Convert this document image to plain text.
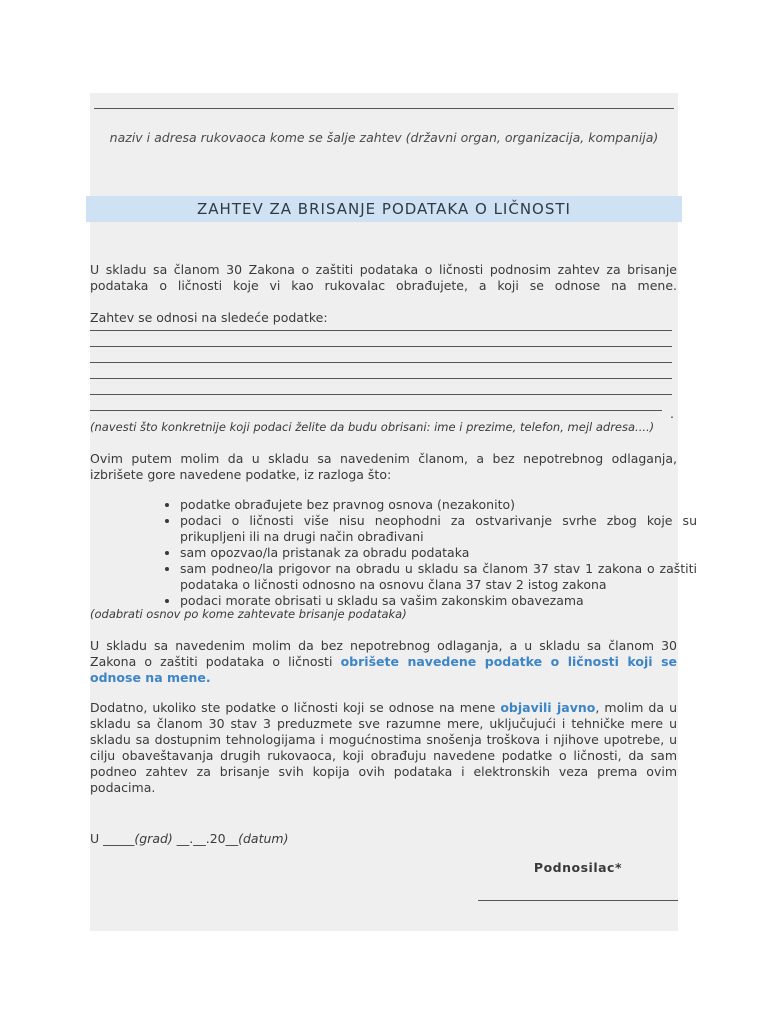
naziv i adresa rukovaoca kome se šalje zahtev (državni organ, organizacija, kompanija)

ZAHTEV ZA BRISANJE PODATAKA O LIČNOSTI

U skladu sa članom 30 Zakona o zaštiti podataka o ličnosti podnosim zahtev za brisanje podataka o ličnosti koje vi kao rukovalac obrađujete, a koji se odnose na mene.

Zahtev se odnosi na sledeće podatke:

.

(navesti što konkretnije koji podaci želite da budu obrisani: ime i prezime, telefon, mejl adresa....)

Ovim putem molim da u skladu sa navedenim članom, a bez nepotrebnog odlaganja, izbrišete gore navedene podatke, iz razloga što:

• podatke obrađujete bez pravnog osnova (nezakonito)
• podaci o ličnosti više nisu neophodni za ostvarivanje svrhe zbog koje su prikupljeni ili na drugi način obrađivani
• sam opozvao/la pristanak za obradu podataka
• sam podneo/la prigovor na obradu u skladu sa članom 37 stav 1 zakona o zaštiti podataka o ličnosti odnosno na osnovu člana 37 stav 2 istog zakona
• podaci morate obrisati u skladu sa vašim zakonskim obavezama

(odabrati osnov po kome zahtevate brisanje podataka)

U skladu sa navedenim molim da bez nepotrebnog odlaganja, a u skladu sa članom 30 Zakona o zaštiti podataka o ličnosti obrišete navedene podatke o ličnosti koji se odnose na mene.

Dodatno, ukoliko ste podatke o ličnosti koji se odnose na mene objavili javno, molim da u skladu sa članom 30 stav 3 preduzmete sve razumne mere, uključujući i tehničke mere u skladu sa dostupnim tehnologijama i mogućnostima snošenja troškova i njihove upotrebe, u cilju obaveštavanja drugih rukovaoca, koji obrađuju navedene podatke o ličnosti, da sam podneo zahtev za brisanje svih kopija ovih podataka i elektronskih veza prema ovim podacima.

U _____(grad) __.__.20__(datum)

Podnosilac*
